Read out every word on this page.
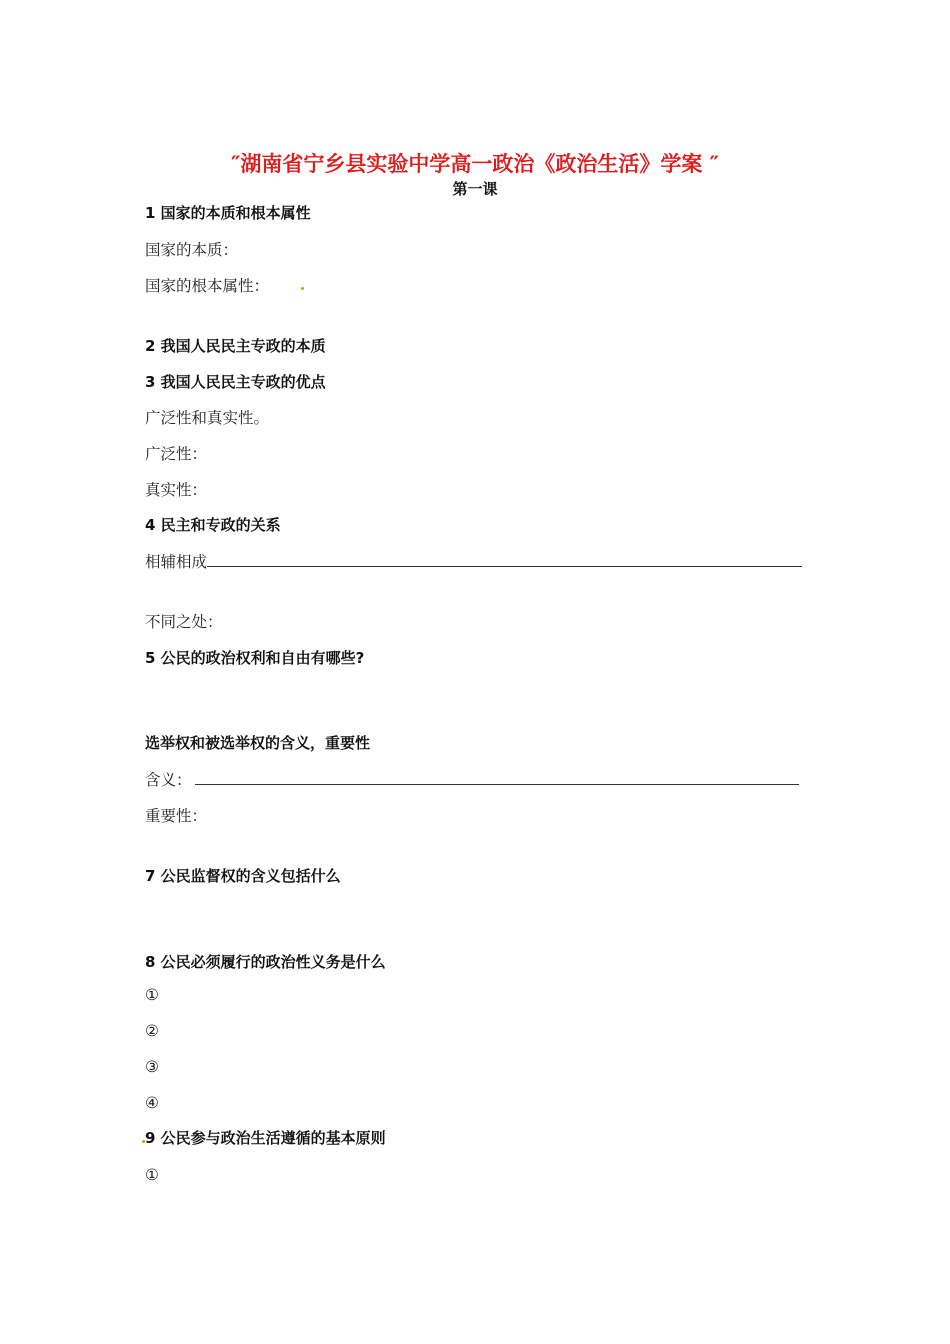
″湖南省宁乡县实验中学高一政治《政治生活》学案 ″
第一课
1 国家的本质和根本属性
国家的本质：
国家的根本属性：
2 我国人民民主专政的本质
3 我国人民民主专政的优点
广泛性和真实性。
广泛性：
真实性：
4 民主和专政的关系
相辅相成
不同之处：
5 公民的政治权利和自由有哪些?
选举权和被选举权的含义，重要性
含义：
重要性：
7 公民监督权的含义包括什么
8 公民必须履行的政治性义务是什么
①
②
③
④
9 公民参与政治生活遵循的基本原则
①
